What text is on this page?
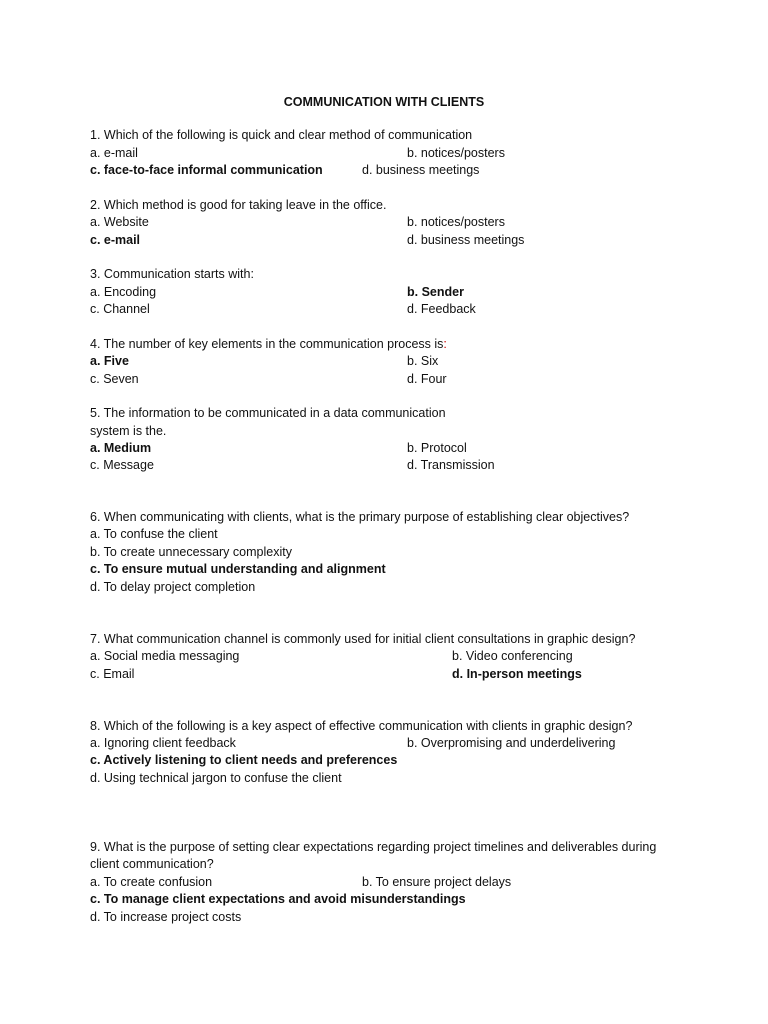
COMMUNICATION WITH CLIENTS
1. Which of the following is quick and clear method of communication
a. e-mail	b. notices/posters
c. face-to-face informal communication	d. business meetings
2. Which method is good for taking leave in the office.
a. Website	b. notices/posters
c. e-mail	d. business meetings
3. Communication starts with:
a. Encoding	b. Sender
c. Channel	d. Feedback
4. The number of key elements in the communication process is:
a. Five	b. Six
c. Seven	d. Four
5. The information to be communicated in a data communication
system is the.
a. Medium	b. Protocol
c. Message	d. Transmission
6. When communicating with clients, what is the primary purpose of establishing clear objectives?
a. To confuse the client
b. To create unnecessary complexity
c. To ensure mutual understanding and alignment
d. To delay project completion
7. What communication channel is commonly used for initial client consultations in graphic design?
a. Social media messaging	b. Video conferencing
c. Email	d. In-person meetings
8. Which of the following is a key aspect of effective communication with clients in graphic design?
a. Ignoring client feedback	b. Overpromising and underdelivering
c. Actively listening to client needs and preferences
d. Using technical jargon to confuse the client
9. What is the purpose of setting clear expectations regarding project timelines and deliverables during
client communication?
a. To create confusion	b. To ensure project delays
c. To manage client expectations and avoid misunderstandings
d. To increase project costs
